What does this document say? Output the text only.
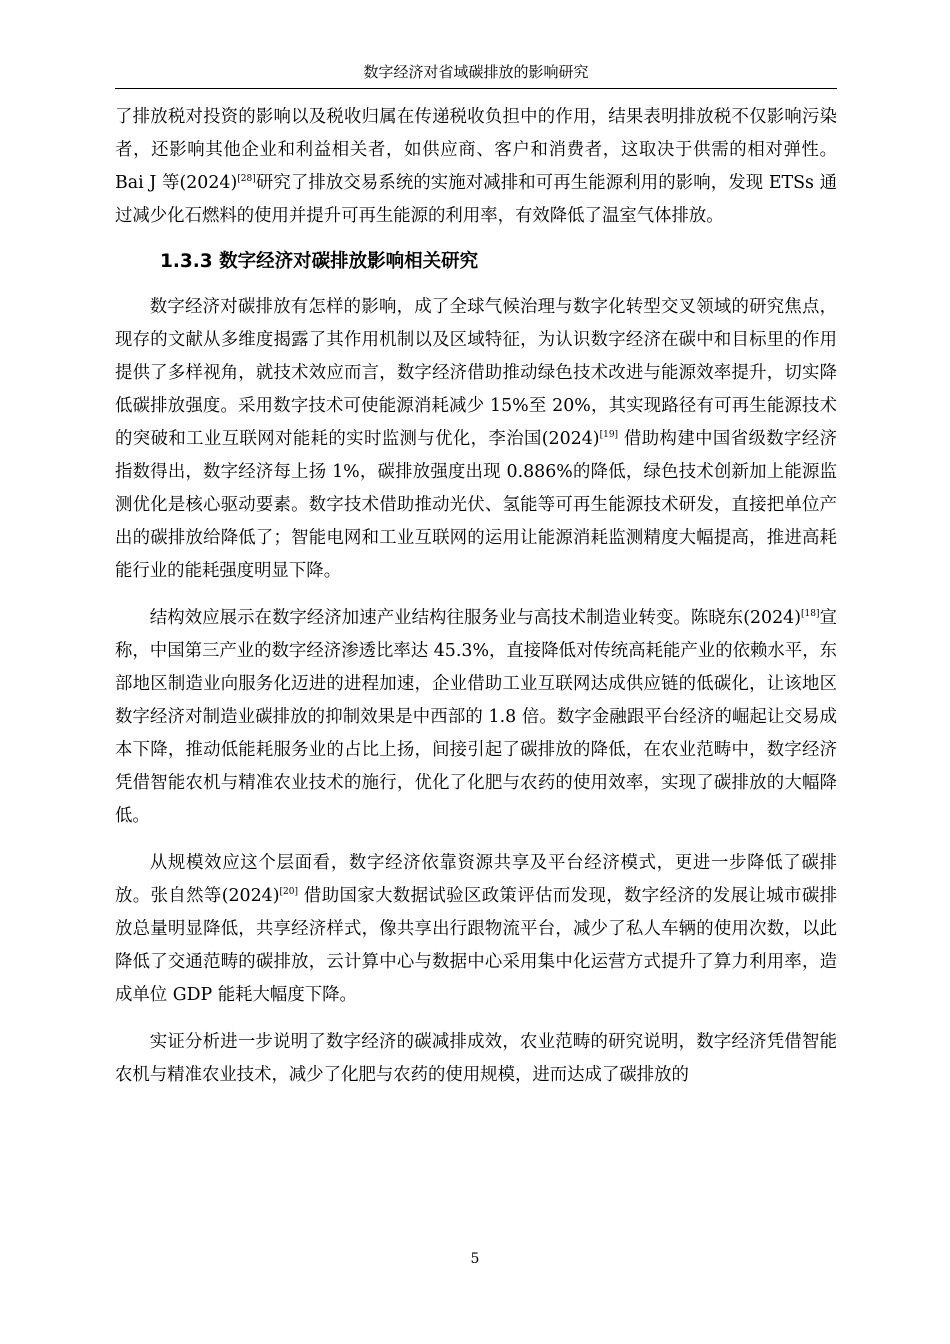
数字经济对省域碳排放的影响研究

了排放税对投资的影响以及税收归属在传递税收负担中的作用，结果表明排放税不仅影响污染者，还影响其他企业和利益相关者，如供应商、客户和消费者，这取决于供需的相对弹性。Bai J 等(2024)[28]研究了排放交易系统的实施对减排和可再生能源利用的影响，发现 ETSs 通过减少化石燃料的使用并提升可再生能源的利用率，有效降低了温室气体排放。

1.3.3 数字经济对碳排放影响相关研究

数字经济对碳排放有怎样的影响，成了全球气候治理与数字化转型交叉领域的研究焦点，现存的文献从多维度揭露了其作用机制以及区域特征，为认识数字经济在碳中和目标里的作用提供了多样视角，就技术效应而言，数字经济借助推动绿色技术改进与能源效率提升，切实降低碳排放强度。采用数字技术可使能源消耗减少 15%至 20%，其实现路径有可再生能源技术的突破和工业互联网对能耗的实时监测与优化，李治国(2024)[19] 借助构建中国省级数字经济指数得出，数字经济每上扬 1%，碳排放强度出现 0.886%的降低，绿色技术创新加上能源监测优化是核心驱动要素。数字技术借助推动光伏、氢能等可再生能源技术研发，直接把单位产出的碳排放给降低了；智能电网和工业互联网的运用让能源消耗监测精度大幅提高，推进高耗能行业的能耗强度明显下降。

结构效应展示在数字经济加速产业结构往服务业与高技术制造业转变。陈晓东(2024)[18]宣称，中国第三产业的数字经济渗透比率达 45.3%，直接降低对传统高耗能产业的依赖水平，东部地区制造业向服务化迈进的进程加速，企业借助工业互联网达成供应链的低碳化，让该地区数字经济对制造业碳排放的抑制效果是中西部的 1.8 倍。数字金融跟平台经济的崛起让交易成本下降，推动低能耗服务业的占比上扬，间接引起了碳排放的降低，在农业范畴中，数字经济凭借智能农机与精准农业技术的施行，优化了化肥与农药的使用效率，实现了碳排放的大幅降低。

从规模效应这个层面看，数字经济依靠资源共享及平台经济模式，更进一步降低了碳排放。张自然等(2024)[20] 借助国家大数据试验区政策评估而发现，数字经济的发展让城市碳排放总量明显降低，共享经济样式，像共享出行跟物流平台，减少了私人车辆的使用次数，以此降低了交通范畴的碳排放，云计算中心与数据中心采用集中化运营方式提升了算力利用率，造成单位 GDP 能耗大幅度下降。

实证分析进一步说明了数字经济的碳减排成效，农业范畴的研究说明，数字经济凭借智能农机与精准农业技术，减少了化肥与农药的使用规模，进而达成了碳排放的

5
